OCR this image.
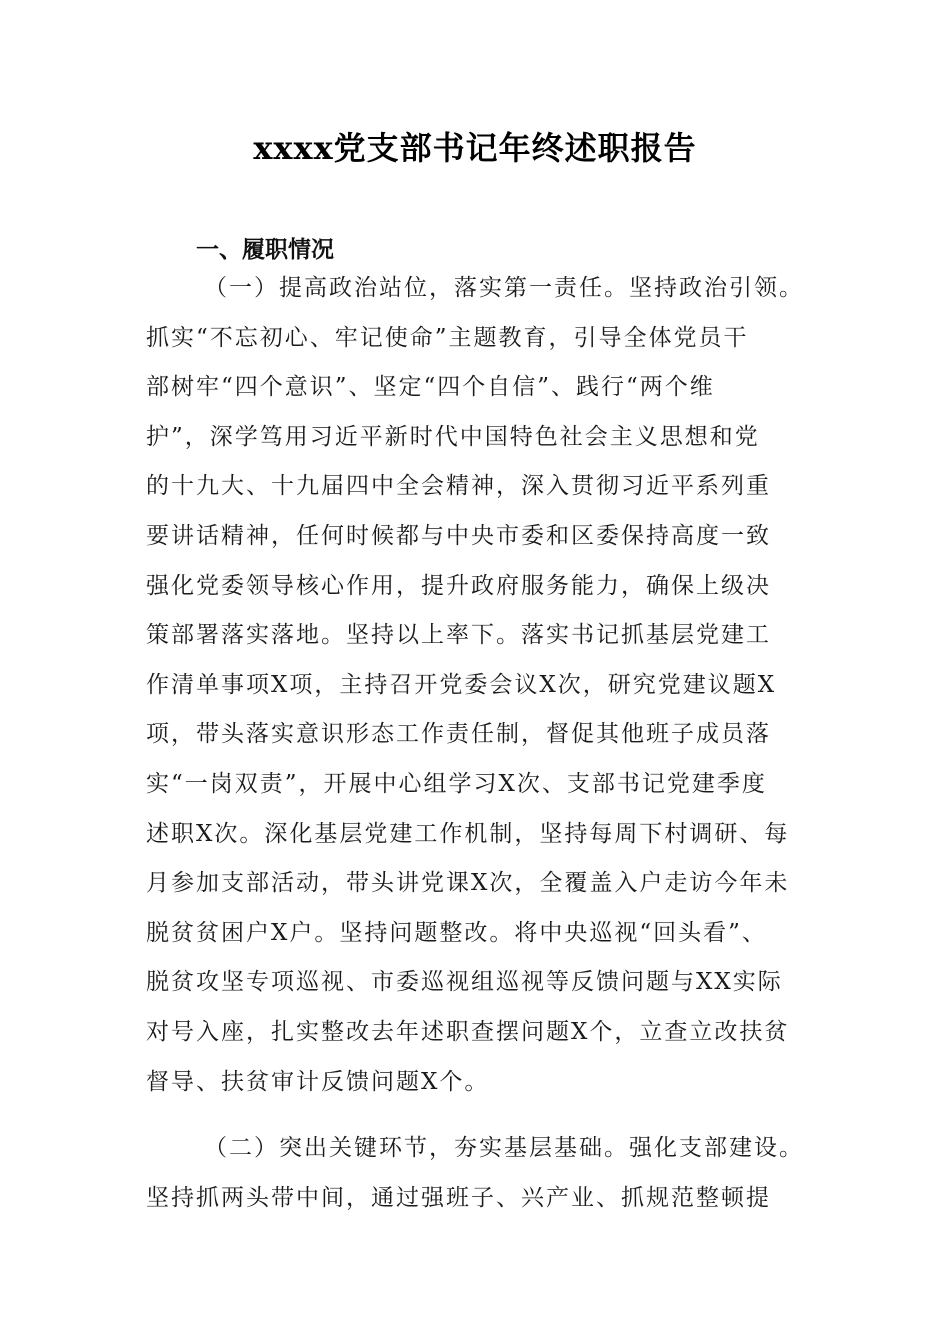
xxxx党支部书记年终述职报告
一、履职情况
（一）提高政治站位，落实第一责任。坚持政治引领。
抓实“不忘初心、牢记使命”主题教育，引导全体党员干
部树牢“四个意识”、坚定“四个自信”、践行“两个维
护”，深学笃用习近平新时代中国特色社会主义思想和党
的十九大、十九届四中全会精神，深入贯彻习近平系列重
要讲话精神，任何时候都与中央市委和区委保持高度一致
强化党委领导核心作用，提升政府服务能力，确保上级决
策部署落实落地。坚持以上率下。落实书记抓基层党建工
作清单事项X项，主持召开党委会议X次，研究党建议题X
项，带头落实意识形态工作责任制，督促其他班子成员落
实“一岗双责”，开展中心组学习X次、支部书记党建季度
述职X次。深化基层党建工作机制，坚持每周下村调研、每
月参加支部活动，带头讲党课X次，全覆盖入户走访今年未
脱贫贫困户X户。坚持问题整改。将中央巡视“回头看”、
脱贫攻坚专项巡视、市委巡视组巡视等反馈问题与XX实际
对号入座，扎实整改去年述职查摆问题X个，立查立改扶贫
督导、扶贫审计反馈问题X个。
（二）突出关键环节，夯实基层基础。强化支部建设。
坚持抓两头带中间，通过强班子、兴产业、抓规范整顿提
